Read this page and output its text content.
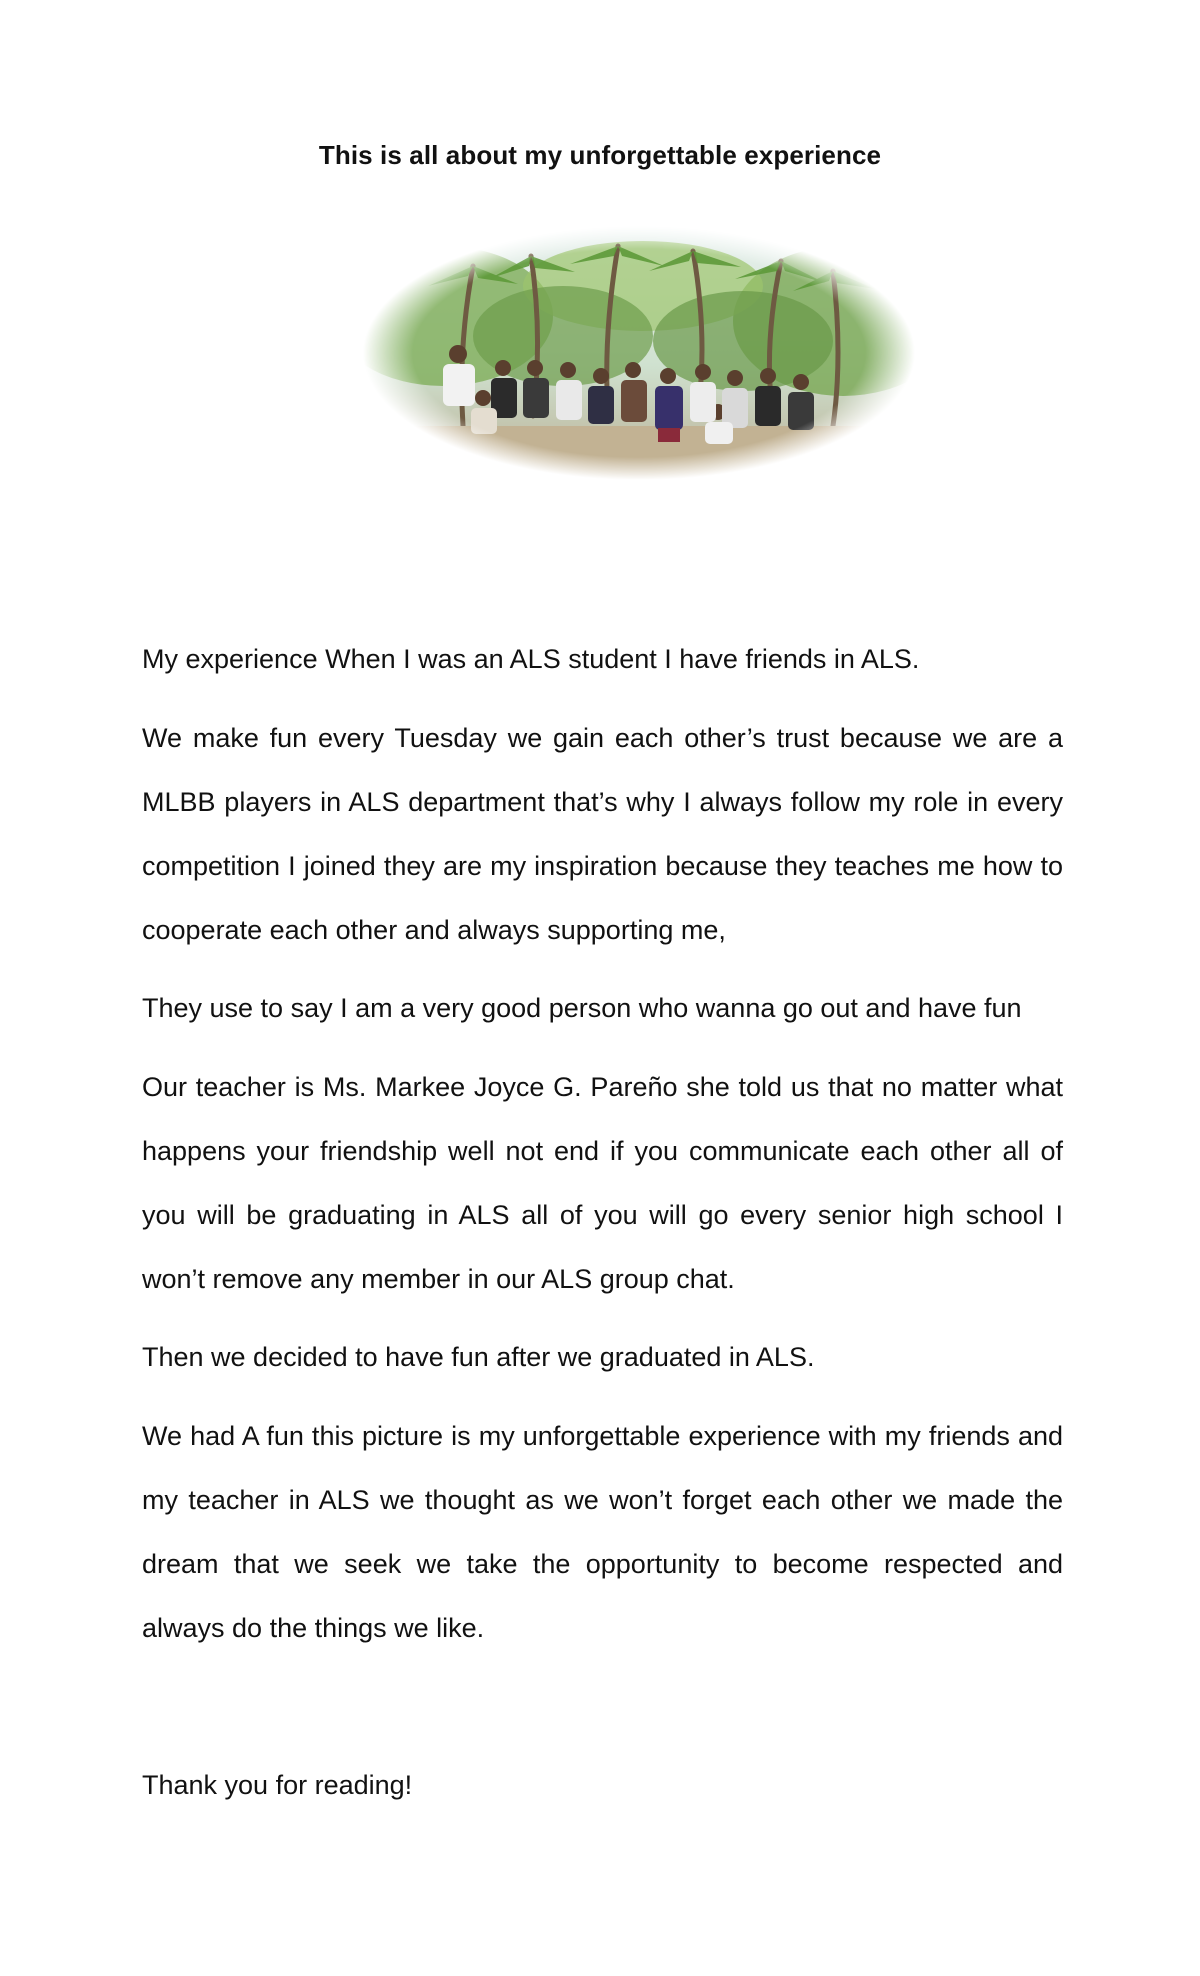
This is all about my unforgettable experience

My experience When I was an ALS student I have friends in ALS.

We make fun every Tuesday we gain each other’s trust because we are a MLBB players in ALS department that’s why I always follow my role in every competition I joined they are my inspiration because they teaches me how to cooperate each other and always supporting me,

They use to say I am a very good person who wanna go out and have fun

Our teacher is Ms. Markee Joyce G. Pareño she told us that no matter what happens your friendship well not end if you communicate each other all of you will be graduating in ALS all of you will go every senior high school I won’t remove any member in our ALS group chat.

Then we decided to have fun after we graduated in ALS.

We had A fun this picture is my unforgettable experience with my friends and my teacher in ALS we thought as we won’t forget each other we made the dream that we seek we take the opportunity to become respected and always do the things we like.

Thank you for reading!
